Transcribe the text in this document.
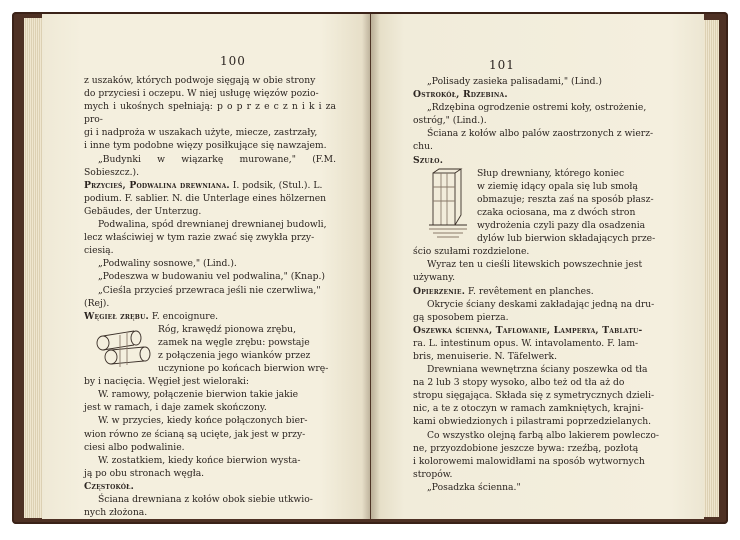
100

z uszaków, których podwoje sięgają w obie strony

do przyciesi i oczepu. W niej usługę więzów pozio-

mych i ukośnych spełniają: p o p r z e c z n i k i za pro-

gi i nadproża w uszakach użyte, miecze, zastrzały,

i inne tym podobne więzy posiłkujące się nawzajem.

„Budynki w wiązarkę murowane," (F.M. Sobieszcz.).

Przycieś, Podwalina drewniana. I. podsik, (Stul.). L.

podium. F. sablier. N. die Unterlage eines hölzernen

Gebäudes, der Unterzug.

Podwalina, spód drewnianej drewnianej budowli,

lecz właściwiej w tym razie zwać się zwykła przy-

ciesią.

„Podwaliny sosnowe," (Lind.).

„Podeszwa w budowaniu vel podwalina," (Knap.)

„Cieśla przycieś przewraca jeśli nie czerwliwa,"

(Rej).

Węgieł zrębu. F. encoignure.

Róg, krawędź pionowa zrębu,

zamek na węgle zrębu: powstaje

z połączenia jego wianków przez

uczynione po końcach bierwion wrę-

by i nacięcia. Węgieł jest wieloraki:

W. ramowy, połączenie bierwion takie jakie

jest w ramach, i daje zamek skończony.

W. w przycies, kiedy końce połączonych bier-

wion równo ze ścianą są ucięte, jak jest w przy-

ciesi albo podwalinie.

W. zostatkiem, kiedy końce bierwion wysta-

ją po obu stronach węgła.

Częstokół.

Ściana drewniana z kołów obok siebie utkwio-

nych złożona.

101

„Polisady zasieka palisadami," (Lind.)

Ostrokół, Rdzebina.

„Rdzębina ogrodzenie ostremi koły, ostrożenie,

ostróg," (Lind.).

Ściana z kołów albo palów zaostrzonych z wierz-

chu.

Szuło.

Słup drewniany, którego koniec

w ziemię idący opala się lub smołą

obmazuje; reszta zaś na sposób płasz-

czaka ociosana, ma z dwóch stron

wydrożenia czyli pazy dla osadzenia

dylów lub bierwion składających prze-

ścio szułami rozdzielone.

Wyraz ten u cieśli litewskich powszechnie jest

używany.

Opierzenie. F. revêtement en planches.

Okrycie ściany deskami zakładając jedną na dru-

gą sposobem pierza.

Oszewka ścienna, Taflowanie, Lamperya, Tablatu-

ra. L. intestinum opus. W. intavolamento. F. lam-

bris, menuiserie. N. Täfelwerk.

Drewniana wewnętrzna ściany poszewka od tła

na 2 lub 3 stopy wysoko, albo też od tła aż do

stropu sięgająca. Składa się z symetrycznych dzieli-

nic, a te z otoczyn w ramach zamkniętych, krajni-

kami obwiedzionych i pilastrami poprzedzielanych.

Co wszystko olejną farbą albo lakierem powleczo-

ne, przyozdobione jeszcze bywa: rzeźbą, pozłotą

i kolorowemi malowidłami na sposób wytwornych

stropów.

„Posadzka ścienna."
